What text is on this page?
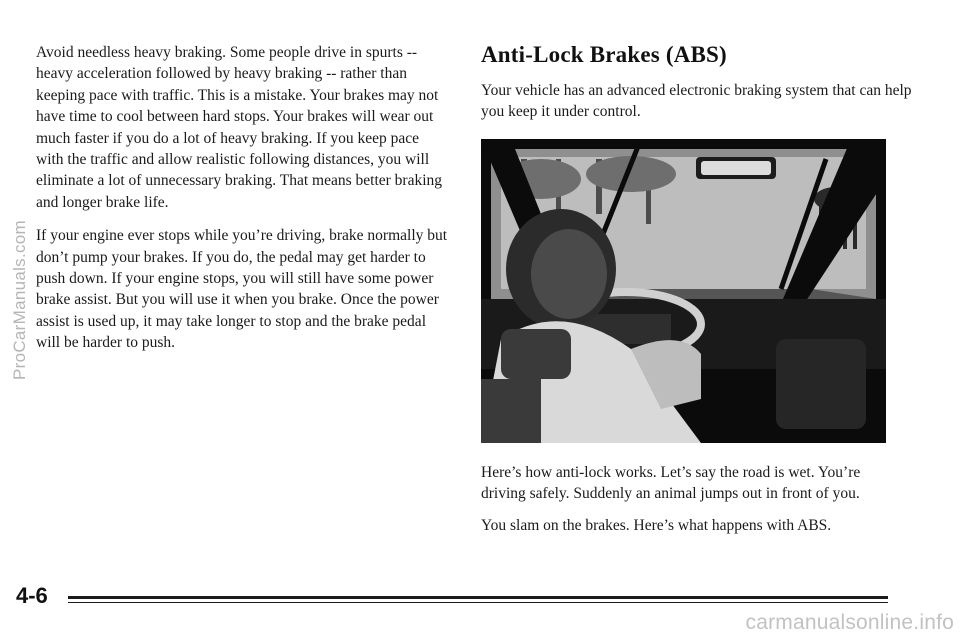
ProCarManuals.com

Avoid needless heavy braking. Some people drive in spurts -- heavy acceleration followed by heavy braking -- rather than keeping pace with traffic. This is a mistake. Your brakes may not have time to cool between hard stops. Your brakes will wear out much faster if you do a lot of heavy braking. If you keep pace with the traffic and allow realistic following distances, you will eliminate a lot of unnecessary braking. That means better braking and longer brake life.

If your engine ever stops while you’re driving, brake normally but don’t pump your brakes. If you do, the pedal may get harder to push down. If your engine stops, you will still have some power brake assist. But you will use it when you brake. Once the power assist is used up, it may take longer to stop and the brake pedal will be harder to push.

Anti-Lock Brakes (ABS)

Your vehicle has an advanced electronic braking system that can help you keep it under control.

Here’s how anti-lock works. Let’s say the road is wet. You’re driving safely. Suddenly an animal jumps out in front of you.

You slam on the brakes. Here’s what happens with ABS.

4-6
carmanualsonline.info
